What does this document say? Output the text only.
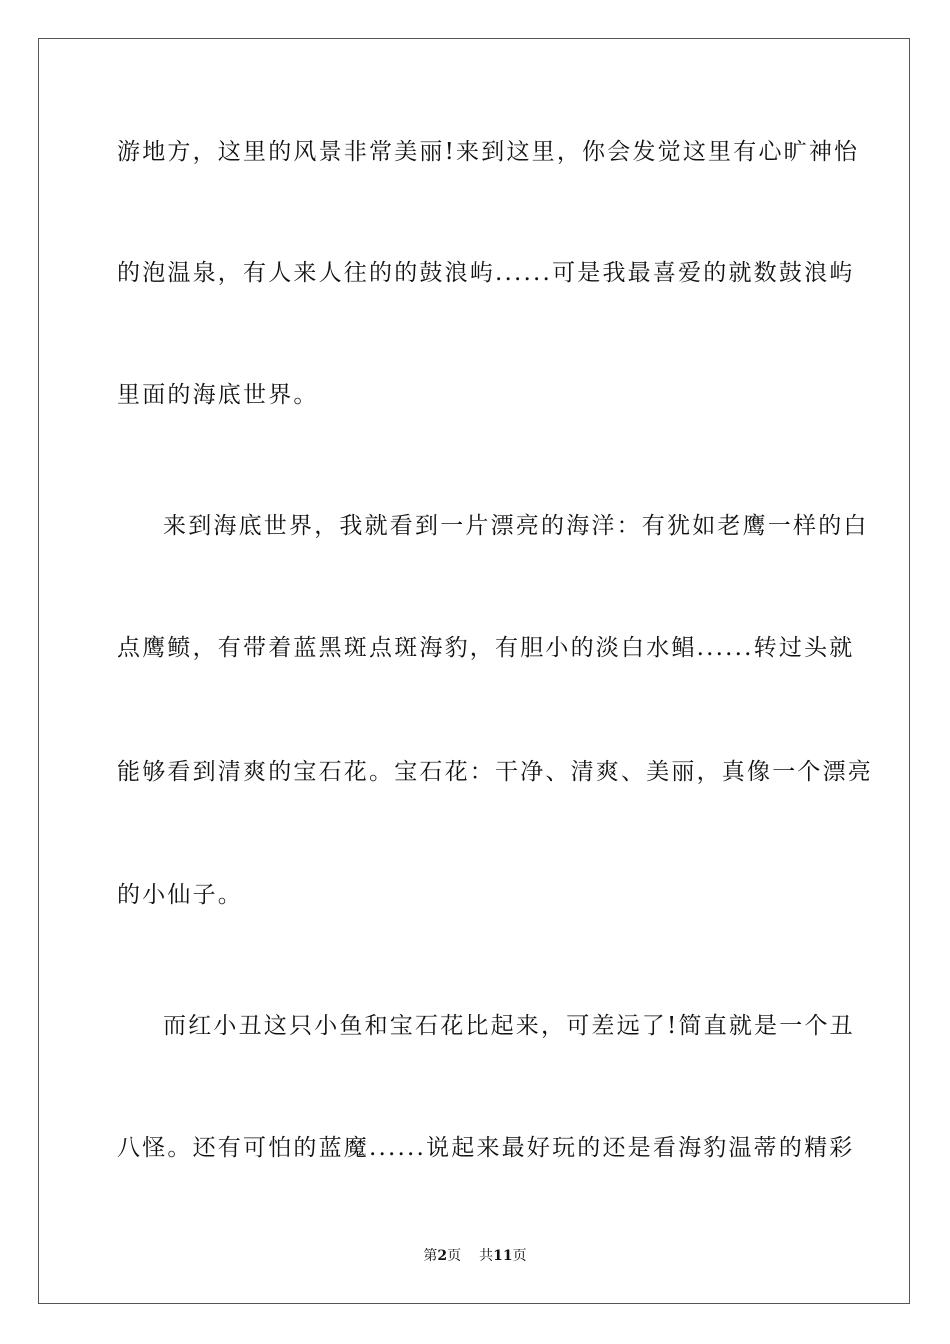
游地方，这里的风景非常美丽!来到这里，你会发觉这里有心旷神怡
的泡温泉，有人来人往的的鼓浪屿......可是我最喜爱的就数鼓浪屿
里面的海底世界。
来到海底世界，我就看到一片漂亮的海洋：有犹如老鹰一样的白
点鹰鲼，有带着蓝黑斑点斑海豹，有胆小的淡白水鲳......转过头就
能够看到清爽的宝石花。宝石花：干净、清爽、美丽，真像一个漂亮
的小仙子。
而红小丑这只小鱼和宝石花比起来，可差远了!简直就是一个丑
八怪。还有可怕的蓝魔......说起来最好玩的还是看海豹温蒂的精彩
第2页 共11页
